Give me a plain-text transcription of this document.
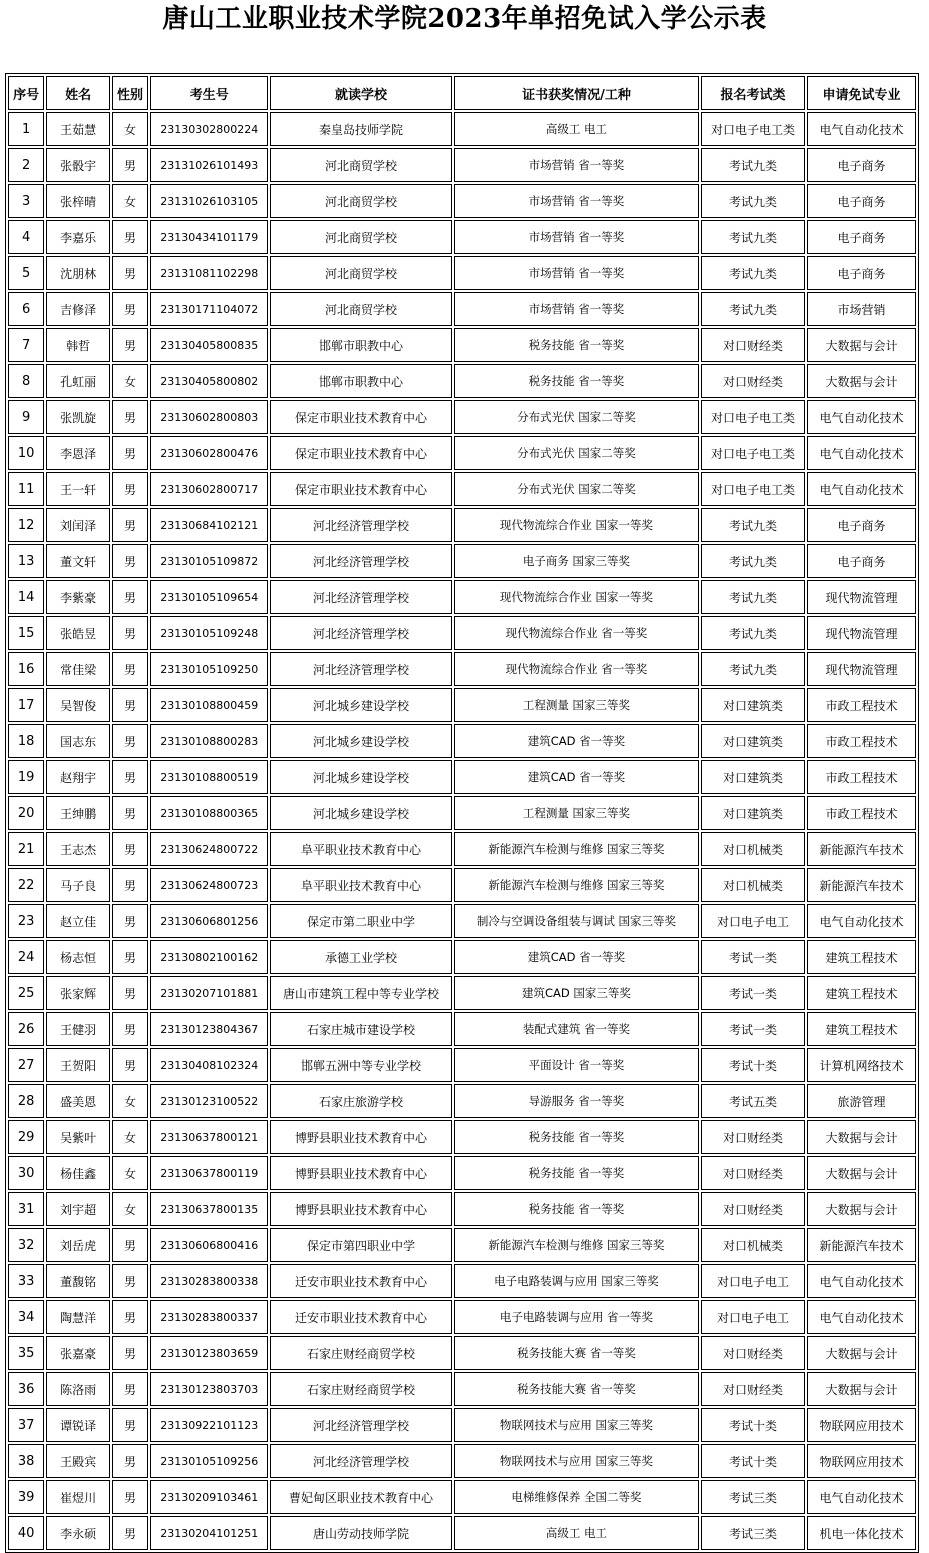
唐山工业职业技术学院2023年单招免试入学公示表
序号	姓名	性别	考生号	就读学校	证书获奖情况/工种	报名考试类	申请免试专业
1	王茹慧	女	23130302800224	秦皇岛技师学院	高级工 电工	对口电子电工类	电气自动化技术
2	张骰宇	男	23131026101493	河北商贸学校	市场营销 省一等奖	考试九类	电子商务
3	张梓晴	女	23131026103105	河北商贸学校	市场营销 省一等奖	考试九类	电子商务
4	李嘉乐	男	23130434101179	河北商贸学校	市场营销 省一等奖	考试九类	电子商务
5	沈朋林	男	23131081102298	河北商贸学校	市场营销 省一等奖	考试九类	电子商务
6	吉修泽	男	23130171104072	河北商贸学校	市场营销 省一等奖	考试九类	市场营销
7	韩哲	男	23130405800835	邯郸市职教中心	税务技能 省一等奖	对口财经类	大数据与会计
8	孔虹丽	女	23130405800802	邯郸市职教中心	税务技能 省一等奖	对口财经类	大数据与会计
9	张凯旋	男	23130602800803	保定市职业技术教育中心	分布式光伏 国家二等奖	对口电子电工类	电气自动化技术
10	李恩泽	男	23130602800476	保定市职业技术教育中心	分布式光伏 国家二等奖	对口电子电工类	电气自动化技术
11	王一轩	男	23130602800717	保定市职业技术教育中心	分布式光伏 国家二等奖	对口电子电工类	电气自动化技术
12	刘闰泽	男	23130684102121	河北经济管理学校	现代物流综合作业 国家一等奖	考试九类	电子商务
13	董文轩	男	23130105109872	河北经济管理学校	电子商务 国家三等奖	考试九类	电子商务
14	李紫豪	男	23130105109654	河北经济管理学校	现代物流综合作业 国家一等奖	考试九类	现代物流管理
15	张皓昱	男	23130105109248	河北经济管理学校	现代物流综合作业 省一等奖	考试九类	现代物流管理
16	常佳梁	男	23130105109250	河北经济管理学校	现代物流综合作业 省一等奖	考试九类	现代物流管理
17	吴智俊	男	23130108800459	河北城乡建设学校	工程测量 国家三等奖	对口建筑类	市政工程技术
18	国志东	男	23130108800283	河北城乡建设学校	建筑CAD 省一等奖	对口建筑类	市政工程技术
19	赵翔宇	男	23130108800519	河北城乡建设学校	建筑CAD 省一等奖	对口建筑类	市政工程技术
20	王绅鹏	男	23130108800365	河北城乡建设学校	工程测量 国家三等奖	对口建筑类	市政工程技术
21	王志杰	男	23130624800722	阜平职业技术教育中心	新能源汽车检测与维修 国家三等奖	对口机械类	新能源汽车技术
22	马子良	男	23130624800723	阜平职业技术教育中心	新能源汽车检测与维修 国家三等奖	对口机械类	新能源汽车技术
23	赵立佳	男	23130606801256	保定市第二职业中学	制冷与空调设备组装与调试 国家三等奖	对口电子电工	电气自动化技术
24	杨志恒	男	23130802100162	承德工业学校	建筑CAD 省一等奖	考试一类	建筑工程技术
25	张家辉	男	23130207101881	唐山市建筑工程中等专业学校	建筑CAD 国家三等奖	考试一类	建筑工程技术
26	王健羽	男	23130123804367	石家庄城市建设学校	装配式建筑 省一等奖	考试一类	建筑工程技术
27	王贺阳	男	23130408102324	邯郸五洲中等专业学校	平面设计 省一等奖	考试十类	计算机网络技术
28	盛美恩	女	23130123100522	石家庄旅游学校	导游服务 省一等奖	考试五类	旅游管理
29	吴紫叶	女	23130637800121	博野县职业技术教育中心	税务技能 省一等奖	对口财经类	大数据与会计
30	杨佳鑫	女	23130637800119	博野县职业技术教育中心	税务技能 省一等奖	对口财经类	大数据与会计
31	刘宇超	女	23130637800135	博野县职业技术教育中心	税务技能 省一等奖	对口财经类	大数据与会计
32	刘岳虎	男	23130606800416	保定市第四职业中学	新能源汽车检测与维修 国家三等奖	对口机械类	新能源汽车技术
33	董馥铭	男	23130283800338	迁安市职业技术教育中心	电子电路装调与应用 国家三等奖	对口电子电工	电气自动化技术
34	陶慧洋	男	23130283800337	迁安市职业技术教育中心	电子电路装调与应用 省一等奖	对口电子电工	电气自动化技术
35	张嘉豪	男	23130123803659	石家庄财经商贸学校	税务技能大赛 省一等奖	对口财经类	大数据与会计
36	陈洛雨	男	23130123803703	石家庄财经商贸学校	税务技能大赛 省一等奖	对口财经类	大数据与会计
37	谭锐译	男	23130922101123	河北经济管理学校	物联网技术与应用 国家三等奖	考试十类	物联网应用技术
38	王殿宾	男	23130105109256	河北经济管理学校	物联网技术与应用 国家三等奖	考试十类	物联网应用技术
39	崔煜川	男	23130209103461	曹妃甸区职业技术教育中心	电梯维修保养 全国二等奖	考试三类	电气自动化技术
40	李永硕	男	23130204101251	唐山劳动技师学院	高级工 电工	考试三类	机电一体化技术
